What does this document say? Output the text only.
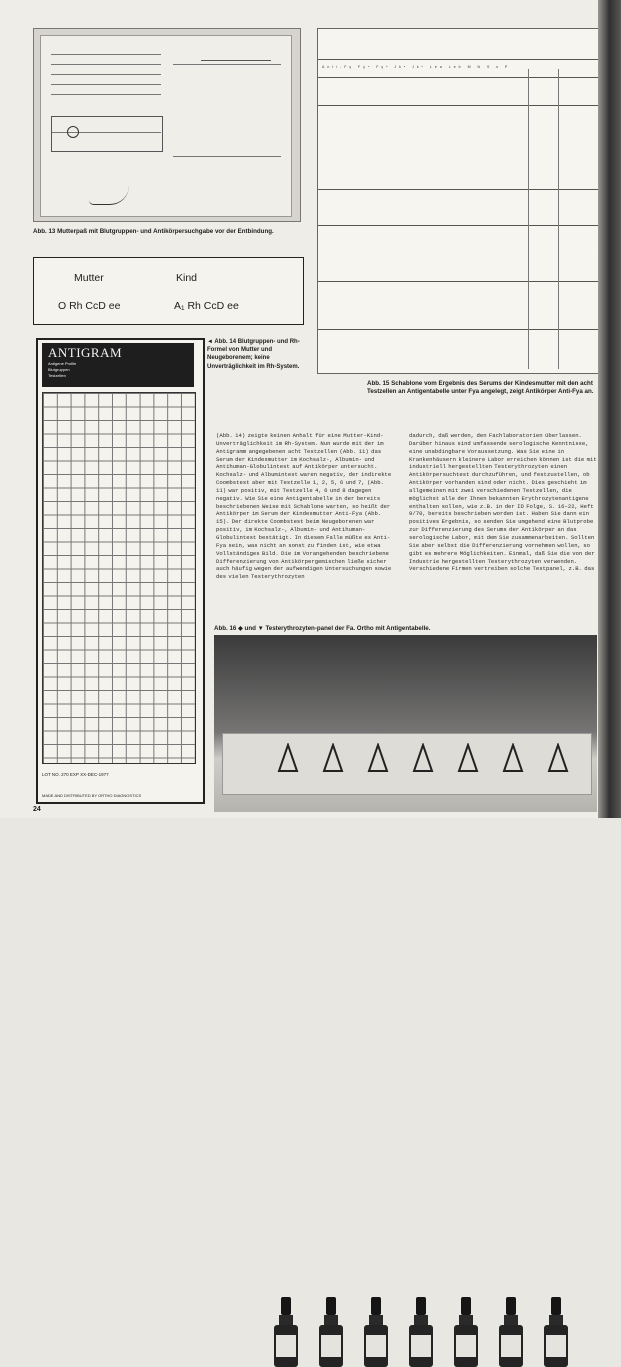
Abb. 13 Mutterpaß mit Blutgruppen- und Antikörpersuchgabe vor der Entbindung.
Mutter	Kind
O Rh CcD ee	A₁ Rh CcD ee
Anti-Fy Fyᵃ Fyᵇ Jkᵃ Jkᵇ Lea Leb M N S s P
Abb. 15 Schablone vom Ergebnis des Serums der Kindesmutter mit den acht Testzellen an Antigentabelle unter Fya angelegt, zeigt Antikörper Anti-Fya an.
ANTIGRAM
Antigene Profile
Blutgruppen
Testzellen
LOT NO. 270 EXP XX-DEC-1977
MADE AND DISTRIBUTED BY ORTHO DIAGNOSTICS
◄ Abb. 14 Blutgruppen- und Rh-Formel von Mutter und Neugeborenem; keine Unverträglichkeit im Rh-System.
(Abb. 14) zeigte keinen Anhalt für eine Mutter-Kind-Unverträglichkeit im Rh-System. Nun wurde mit der im Antigramm angegebenen acht Testzellen (Abb. 11) das Serum der Kindesmutter im Kochsalz-, Albumin- und Antihuman-Globulintest auf Antikörper untersucht. Kochsalz- und Albumintest waren negativ, der indirekte Coombstest aber mit Testzelle 1, 2, 5, 6 und 7, (Abb. 11) war positiv, mit Testzelle 4, 6 und 8 dagegen negativ. Wie Sie eine Antigentabelle in der bereits beschriebenen Weise mit Schablone warten, so heißt der Antikörper im Serum der Kindesmutter Anti-Fya (Abb. 15). Der direkte Coombstest beim Neugeborenen war positiv, im Kochsalz-, Albumin- und Antihuman-Globulintest bestätigt. In diesem Falle müßte es Anti-Fya sein, was nicht an sonst zu finden ist, wie etwa Vollständiges Bild. Die im Vorangehenden beschriebene Differenzierung von Antikörpergemischen ließe sicher auch häufig wegen der aufwendigen Untersuchungen sowie des vielen Testerythrozyten
dadurch, daß werden, den Fachlaboratorien überlassen. Darüber hinaus sind umfassende serologische Kenntnisse, eine unabdingbare Voraussetzung. Was Sie eine in Krankenhäusern kleinere Labor erreichen können ist die mit industriell hergestellten Testerythrozyten einen Antikörpersuchtest durchzuführen, und festzustellen, ob Antikörper vorhanden sind oder nicht. Dies geschieht im allgemeinen mit zwei verschiedenen Testzellen, die möglichst alle der Ihnen bekannten Erythrozytenantigene enthalten sollen, wie z.B. in der ID Folge, S. 16–22, Heft 9/70, bereits beschrieben worden ist. Haben Sie dann ein positives Ergebnis, so senden Sie umgehend eine Blutprobe zur Differenzierung des Serums der Antikörper an das serologische Labor, mit dem Sie zusammenarbeiten. Sollten Sie aber selbst die Differenzierung vornehmen wollen, so gibt es mehrere Möglichkeiten. Einmal, daß Sie die von der Industrie hergestellten Testerythrozyten verwenden. Verschiedene Firmen vertreiben solche Testpanel, z.B. das
Abb. 16 ◆ und ▼ Testerythrozyten-panel der Fa. Ortho mit Antigentabelle.
24
